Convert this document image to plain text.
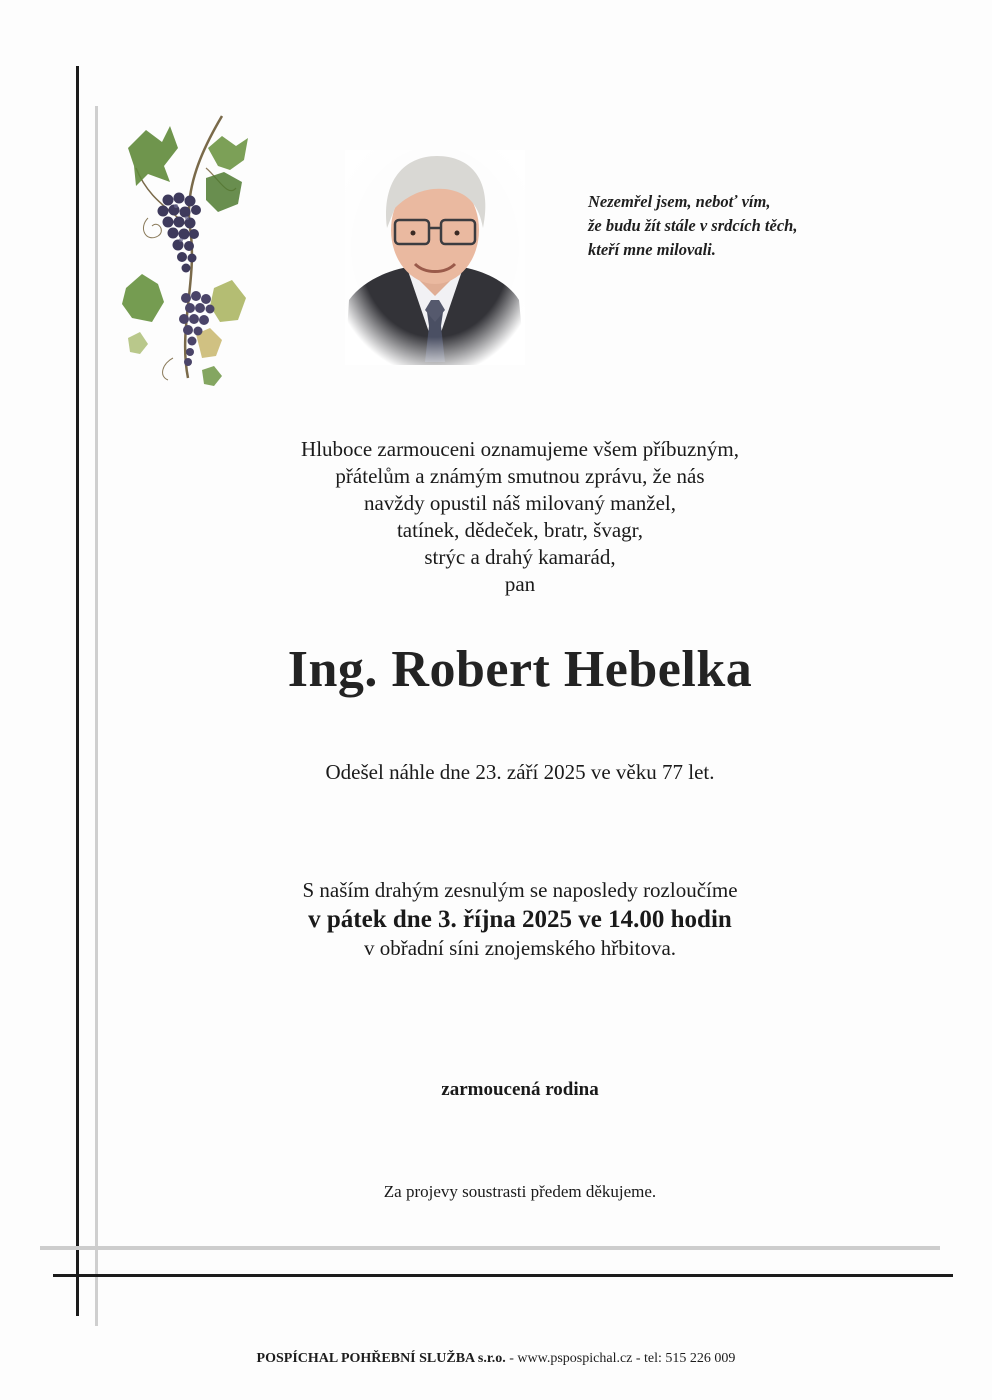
Nezemřel jsem, neboť vím,
že budu žít stále v srdcích těch,
kteří mne milovali.
Hluboce zarmouceni oznamujeme všem příbuzným,
přátelům a známým smutnou zprávu, že nás
navždy opustil náš milovaný manžel,
tatínek, dědeček, bratr, švagr,
strýc a drahý kamarád,
pan
Ing. Robert Hebelka
Odešel náhle dne 23. září 2025 ve věku 77 let.
S naším drahým zesnulým se naposledy rozloučíme
v pátek dne 3. října 2025 ve 14.00 hodin
v obřadní síni znojemského hřbitova.
zarmoucená rodina
Za projevy soustrasti předem děkujeme.
POSPÍCHAL POHŘEBNÍ SLUŽBA s.r.o. - www.pspospichal.cz - tel: 515 226 009
